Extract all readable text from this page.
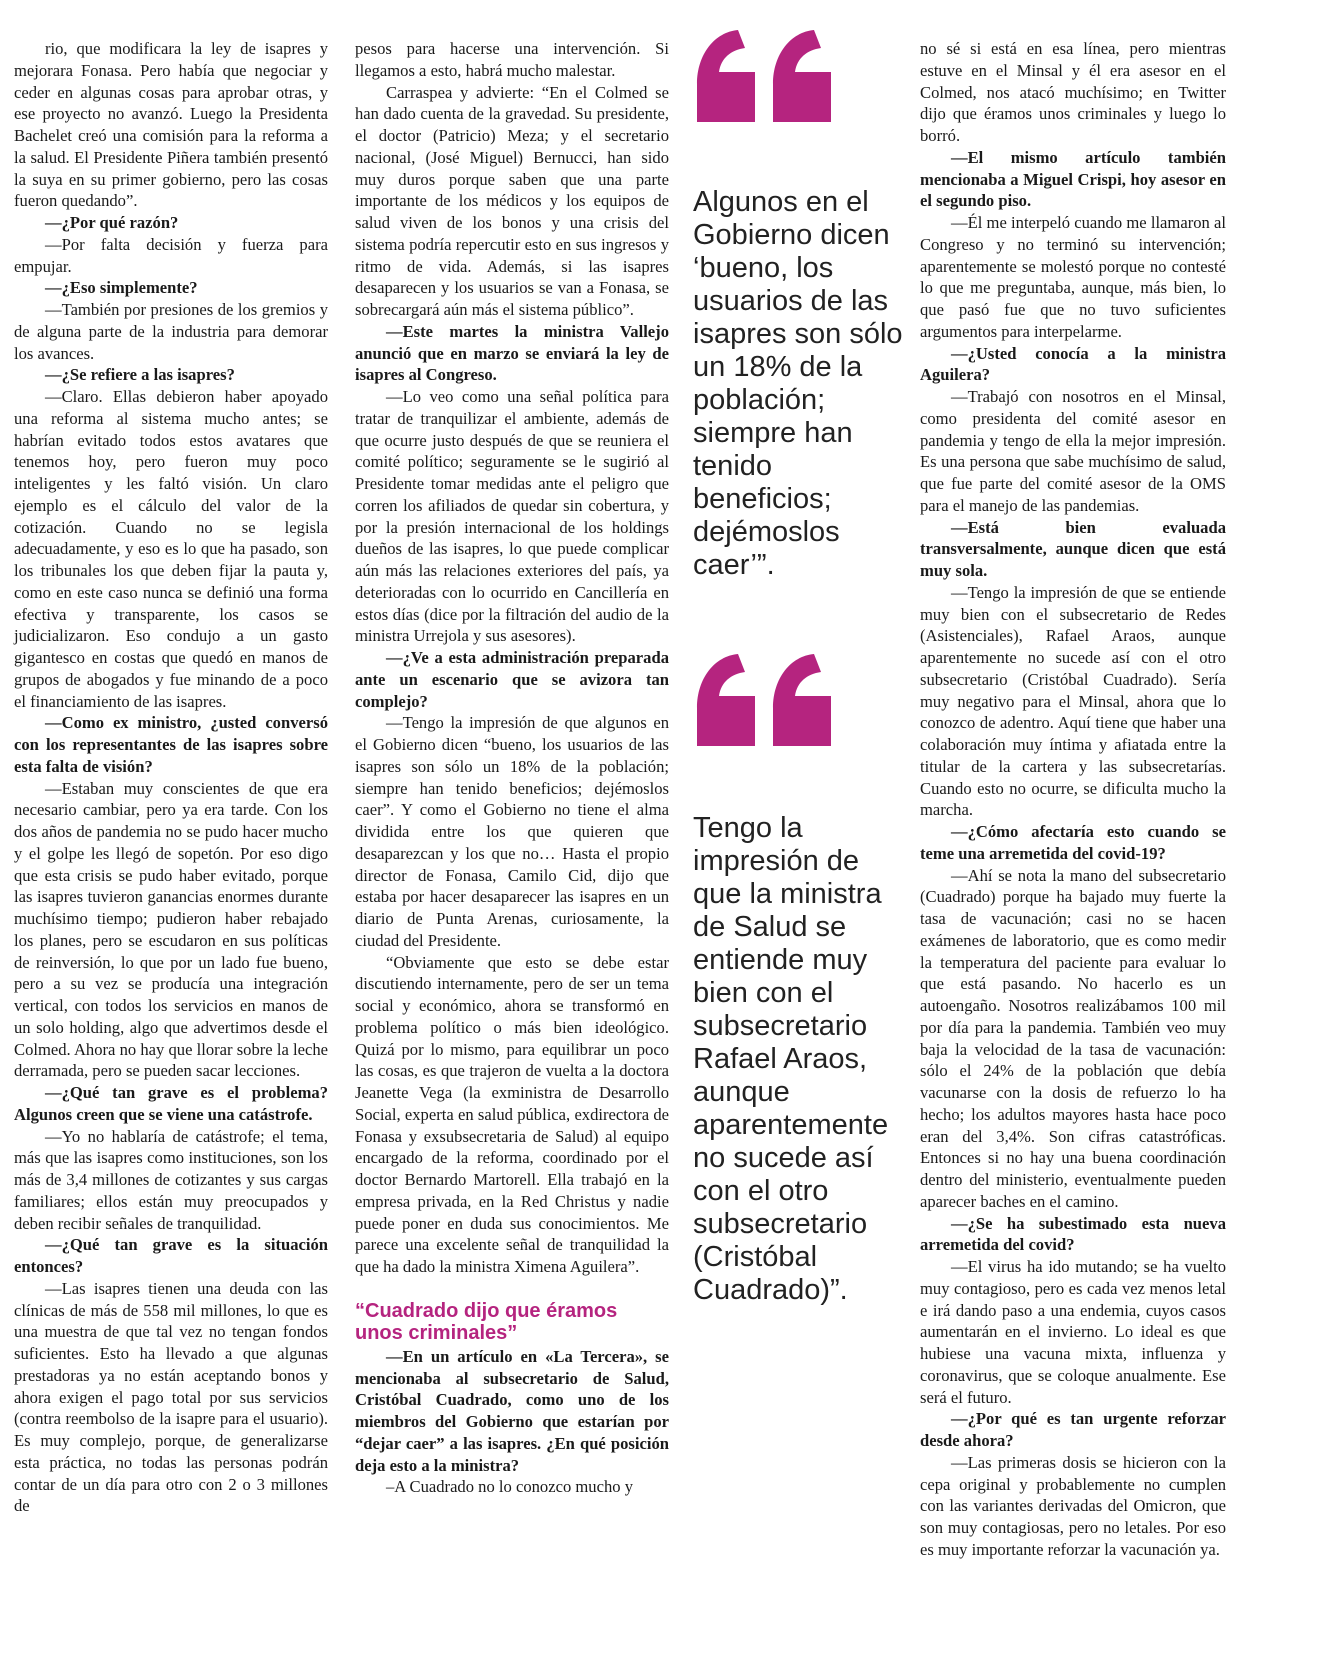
rio, que modificara la ley de isapres y mejorara Fonasa. Pero había que negociar y ceder en algunas cosas para aprobar otras, y ese proyecto no avanzó. Luego la Presidenta Bachelet creó una comisión para la reforma a la salud. El Presidente Piñera también presentó la suya en su primer gobierno, pero las cosas fueron quedando”.

—¿Por qué razón?

—Por falta decisión y fuerza para empujar.

—¿Eso simplemente?

—También por presiones de los gremios y de alguna parte de la industria para demorar los avances.

—¿Se refiere a las isapres?

—Claro. Ellas debieron haber apoyado una reforma al sistema mucho antes; se habrían evitado todos estos avatares que tenemos hoy, pero fueron muy poco inteligentes y les faltó visión. Un claro ejemplo es el cálculo del valor de la cotización. Cuando no se legisla adecuadamente, y eso es lo que ha pasado, son los tribunales los que deben fijar la pauta y, como en este caso nunca se definió una forma efectiva y transparente, los casos se judicializaron. Eso condujo a un gasto gigantesco en costas que quedó en manos de grupos de abogados y fue minando de a poco el financiamiento de las isapres.

—Como ex ministro, ¿usted conversó con los representantes de las isapres sobre esta falta de visión?

—Estaban muy conscientes de que era necesario cambiar, pero ya era tarde. Con los dos años de pandemia no se pudo hacer mucho y el golpe les llegó de sopetón. Por eso digo que esta crisis se pudo haber evitado, porque las isapres tuvieron ganancias enormes durante muchísimo tiempo; pudieron haber rebajado los planes, pero se escudaron en sus políticas de reinversión, lo que por un lado fue bueno, pero a su vez se producía una integración vertical, con todos los servicios en manos de un solo holding, algo que advertimos desde el Colmed. Ahora no hay que llorar sobre la leche derramada, pero se pueden sacar lecciones.

—¿Qué tan grave es el problema? Algunos creen que se viene una catástrofe.

—Yo no hablaría de catástrofe; el tema, más que las isapres como instituciones, son los más de 3,4 millones de cotizantes y sus cargas familiares; ellos están muy preocupados y deben recibir señales de tranquilidad.

—¿Qué tan grave es la situación entonces?

—Las isapres tienen una deuda con las clínicas de más de 558 mil millones, lo que es una muestra de que tal vez no tengan fondos suficientes. Esto ha llevado a que algunas prestadoras ya no están aceptando bonos y ahora exigen el pago total por sus servicios (contra reembolso de la isapre para el usuario). Es muy complejo, porque, de generalizarse esta práctica, no todas las personas podrán contar de un día para otro con 2 o 3 millones de

pesos para hacerse una intervención. Si llegamos a esto, habrá mucho malestar.

Carraspea y advierte: “En el Colmed se han dado cuenta de la gravedad. Su presidente, el doctor (Patricio) Meza; y el secretario nacional, (José Miguel) Bernucci, han sido muy duros porque saben que una parte importante de los médicos y los equipos de salud viven de los bonos y una crisis del sistema podría repercutir esto en sus ingresos y ritmo de vida. Además, si las isapres desaparecen y los usuarios se van a Fonasa, se sobrecargará aún más el sistema público”.

—Este martes la ministra Vallejo anunció que en marzo se enviará la ley de isapres al Congreso.

—Lo veo como una señal política para tratar de tranquilizar el ambiente, además de que ocurre justo después de que se reuniera el comité político; seguramente se le sugirió al Presidente tomar medidas ante el peligro que corren los afiliados de quedar sin cobertura, y por la presión internacional de los holdings dueños de las isapres, lo que puede complicar aún más las relaciones exteriores del país, ya deterioradas con lo ocurrido en Cancillería en estos días (dice por la filtración del audio de la ministra Urrejola y sus asesores).

—¿Ve a esta administración preparada ante un escenario que se avizora tan complejo?

—Tengo la impresión de que algunos en el Gobierno dicen “bueno, los usuarios de las isapres son sólo un 18% de la población; siempre han tenido beneficios; dejémoslos caer”. Y como el Gobierno no tiene el alma dividida entre los que quieren que desaparezcan y los que no… Hasta el propio director de Fonasa, Camilo Cid, dijo que estaba por hacer desaparecer las isapres en un diario de Punta Arenas, curiosamente, la ciudad del Presidente.

“Obviamente que esto se debe estar discutiendo internamente, pero de ser un tema social y económico, ahora se transformó en problema político o más bien ideológico. Quizá por lo mismo, para equilibrar un poco las cosas, es que trajeron de vuelta a la doctora Jeanette Vega (la exministra de Desarrollo Social, experta en salud pública, exdirectora de Fonasa y exsubsecretaria de Salud) al equipo encargado de la reforma, coordinado por el doctor Bernardo Martorell. Ella trabajó en la empresa privada, en la Red Christus y nadie puede poner en duda sus conocimientos. Me parece una excelente señal de tranquilidad la que ha dado la ministra Ximena Aguilera”.

“Cuadrado dijo que éramos unos criminales”

—En un artículo en «La Tercera», se mencionaba al subsecretario de Salud, Cristóbal Cuadrado, como uno de los miembros del Gobierno que estarían por “dejar caer” a las isapres. ¿En qué posición deja esto a la ministra?

–A Cuadrado no lo conozco mucho y

Algunos en el Gobierno dicen ‘bueno, los usuarios de las isapres son sólo un 18% de la población; siempre han tenido beneficios; dejémoslos caer’”.
Tengo la impresión de que la ministra de Salud se entiende muy bien con el subsecretario Rafael Araos, aunque aparentemente no sucede así con el otro subsecretario (Cristóbal Cuadrado)”.

no sé si está en esa línea, pero mientras estuve en el Minsal y él era asesor en el Colmed, nos atacó muchísimo; en Twitter dijo que éramos unos criminales y luego lo borró.

—El mismo artículo también mencionaba a Miguel Crispi, hoy asesor en el segundo piso.

—Él me interpeló cuando me llamaron al Congreso y no terminó su intervención; aparentemente se molestó porque no contesté lo que me preguntaba, aunque, más bien, lo que pasó fue que no tuvo suficientes argumentos para interpelarme.

—¿Usted conocía a la ministra Aguilera?

—Trabajó con nosotros en el Minsal, como presidenta del comité asesor en pandemia y tengo de ella la mejor impresión. Es una persona que sabe muchísimo de salud, que fue parte del comité asesor de la OMS para el manejo de las pandemias.

—Está bien evaluada transversalmente, aunque dicen que está muy sola.

—Tengo la impresión de que se entiende muy bien con el subsecretario de Redes (Asistenciales), Rafael Araos, aunque aparentemente no sucede así con el otro subsecretario (Cristóbal Cuadrado). Sería muy negativo para el Minsal, ahora que lo conozco de adentro. Aquí tiene que haber una colaboración muy íntima y afiatada entre la titular de la cartera y las subsecretarías. Cuando esto no ocurre, se dificulta mucho la marcha.

—¿Cómo afectaría esto cuando se teme una arremetida del covid-19?

—Ahí se nota la mano del subsecretario (Cuadrado) porque ha bajado muy fuerte la tasa de vacunación; casi no se hacen exámenes de laboratorio, que es como medir la temperatura del paciente para evaluar lo que está pasando. No hacerlo es un autoengaño. Nosotros realizábamos 100 mil por día para la pandemia. También veo muy baja la velocidad de la tasa de vacunación: sólo el 24% de la población que debía vacunarse con la dosis de refuerzo lo ha hecho; los adultos mayores hasta hace poco eran del 3,4%. Son cifras catastróficas. Entonces si no hay una buena coordinación dentro del ministerio, eventualmente pueden aparecer baches en el camino.

—¿Se ha subestimado esta nueva arremetida del covid?

—El virus ha ido mutando; se ha vuelto muy contagioso, pero es cada vez menos letal e irá dando paso a una endemia, cuyos casos aumentarán en el invierno. Lo ideal es que hubiese una vacuna mixta, influenza y coronavirus, que se coloque anualmente. Ese será el futuro.

—¿Por qué es tan urgente reforzar desde ahora?

—Las primeras dosis se hicieron con la cepa original y probablemente no cumplen con las variantes derivadas del Omicron, que son muy contagiosas, pero no letales. Por eso es muy importante reforzar la vacunación ya.
